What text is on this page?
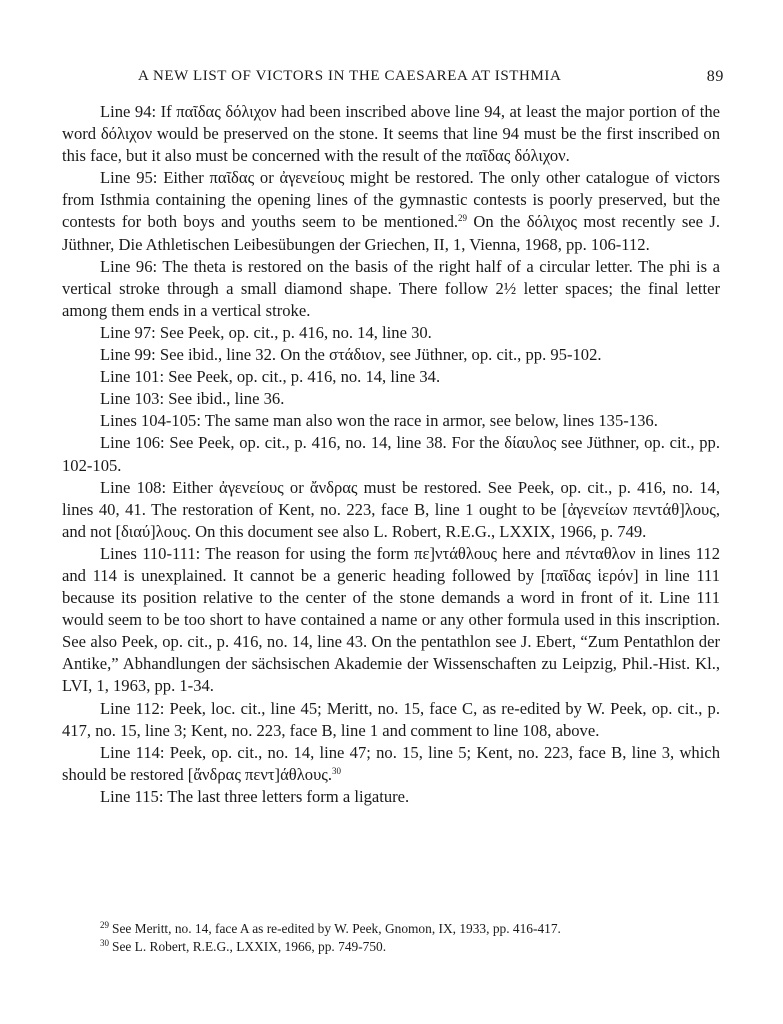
A NEW LIST OF VICTORS IN THE CAESAREA AT ISTHMIA	89

Line 94: If παῖδας δόλιχον had been inscribed above line 94, at least the major portion of the word δόλιχον would be preserved on the stone. It seems that line 94 must be the first inscribed on this face, but it also must be concerned with the result of the παῖδας δόλιχον.

Line 95: Either παῖδας or ἀγενείους might be restored. The only other catalogue of victors from Isthmia containing the opening lines of the gymnastic contests is poorly preserved, but the contests for both boys and youths seem to be mentioned.$^{29}$ On the δόλιχος most recently see J. Jüthner, Die Athletischen Leibesübungen der Griechen, II, 1, Vienna, 1968, pp. 106-112.

Line 96: The theta is restored on the basis of the right half of a circular letter. The phi is a vertical stroke through a small diamond shape. There follow 2½ letter spaces; the final letter among them ends in a vertical stroke.

Line 97: See Peek, op. cit., p. 416, no. 14, line 30.

Line 99: See ibid., line 32. On the στάδιον, see Jüthner, op. cit., pp. 95-102.

Line 101: See Peek, op. cit., p. 416, no. 14, line 34.

Line 103: See ibid., line 36.

Lines 104-105: The same man also won the race in armor, see below, lines 135-136.

Line 106: See Peek, op. cit., p. 416, no. 14, line 38. For the δίαυλος see Jüthner, op. cit., pp. 102-105.

Line 108: Either ἀγενείους or ἄνδρας must be restored. See Peek, op. cit., p. 416, no. 14, lines 40, 41. The restoration of Kent, no. 223, face B, line 1 ought to be [ἀγενείων πεντάθ]λους, and not [διαύ]λους. On this document see also L. Robert, R.E.G., LXXIX, 1966, p. 749.

Lines 110-111: The reason for using the form πε]ντάθλους here and πένταθλον in lines 112 and 114 is unexplained. It cannot be a generic heading followed by [παῖδας ἱερόν] in line 111 because its position relative to the center of the stone demands a word in front of it. Line 111 would seem to be too short to have contained a name or any other formula used in this inscription. See also Peek, op. cit., p. 416, no. 14, line 43. On the pentathlon see J. Ebert, “Zum Pentathlon der Antike,” Abhandlungen der sächsischen Akademie der Wissenschaften zu Leipzig, Phil.-Hist. Kl., LVI, 1, 1963, pp. 1-34.

Line 112: Peek, loc. cit., line 45; Meritt, no. 15, face C, as re-edited by W. Peek, op. cit., p. 417, no. 15, line 3; Kent, no. 223, face B, line 1 and comment to line 108, above.

Line 114: Peek, op. cit., no. 14, line 47; no. 15, line 5; Kent, no. 223, face B, line 3, which should be restored [ἄνδρας πεντ]άθλους.$^{30}$

Line 115: The last three letters form a ligature.

$^{29}$ See Meritt, no. 14, face A as re-edited by W. Peek, Gnomon, IX, 1933, pp. 416-417.

$^{30}$ See L. Robert, R.E.G., LXXIX, 1966, pp. 749-750.
